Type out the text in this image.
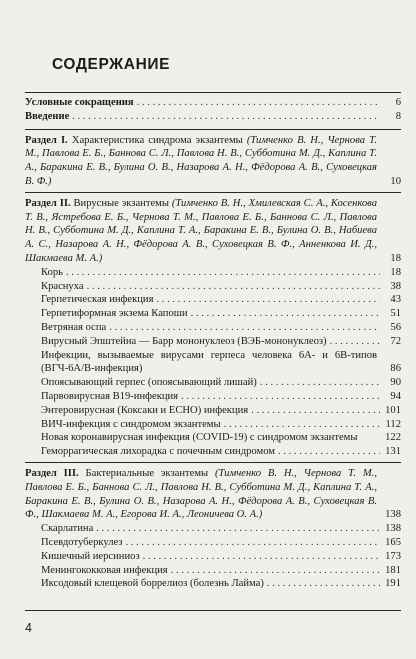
СОДЕРЖАНИЕ
Условные сокращения . . .	6
Введение . . .	8
Раздел I. Характеристика синдрома экзантемы (Тимченко В. Н., Чернова Т. М., Павлова Е. Б., Баннова С. Л., Павлова Н. В., Субботина М. Д., Каплина Т. А., Баракина Е. В., Булина О. В., Назарова А. Н., Фёдорова А. В., Суховецкая В. Ф.)	10
Раздел II. Вирусные экзантемы (Тимченко В. Н., Хмилевская С. А., Косенкова Т. В., Ястребова Е. Б., Чернова Т. М., Павлова Е. Б., Баннова С. Л., Павлова Н. В., Субботина М. Д., Каплина Т. А., Баракина Е. В., Булина О. В., Набиева А. С., Назарова А. Н., Фёдорова А. В., Суховецкая В. Ф., Анненкова И. Д., Шакмаева М. А.)	18
Корь . . .	18
Краснуха . . .	38
Герпетическая инфекция . . .	43
Герпетиформная экзема Капоши . . .	51
Ветряная оспа . . .	56
Вирусный Эпштейна — Барр мононуклеоз (ВЭБ-мононуклеоз) . . .	72
Инфекции, вызываемые вирусами герпеса человека 6А- и 6В-типов (ВГЧ-6А/В-инфекция)	86
Опоясывающий герпес (опоясывающий лишай) . . .	90
Парвовирусная В19-инфекция . . .	94
Энтеровирусная (Коксаки и ЕСНО) инфекция . . .	101
ВИЧ-инфекция с синдромом экзантемы . . .	112
Новая коронавирусная инфекция (COVID-19) с синдромом экзантемы	122
Геморрагическая лихорадка с почечным синдромом . . .	131
Раздел III. Бактериальные экзантемы (Тимченко В. Н., Чернова Т. М., Павлова Е. Б., Баннова С. Л., Павлова Н. В., Субботина М. Д., Каплина Т. А., Баракина Е. В., Булина О. В., Назарова А. Н., Фёдорова А. В., Суховецкая В. Ф., Шакмаева М. А., Егорова И. А., Леоничева О. А.)	138
Скарлатина . . .	138
Псевдотуберкулез . . .	165
Кишечный иерсиниоз . . .	173
Менингококковая инфекция . . .	181
Иксодовый клещевой боррелиоз (болезнь Лайма) . . .	191
4
